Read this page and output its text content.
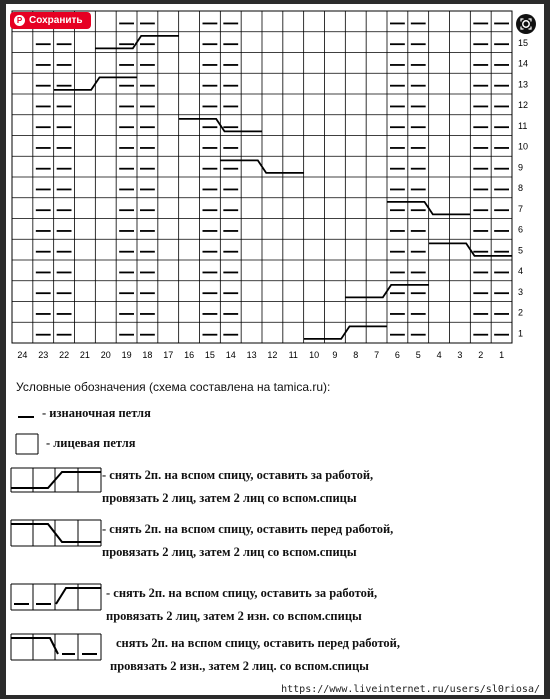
1
2
3
4
5
6
7
8
9
10
11
12
13
14
15
24 23 22 21 20 19 18 17 16 15 14 13 12 11 10 9 8 7 6 5 4 3 2 1
P Сохранить
Условные обозначения (схема составлена на tamica.ru):
- изнаночная петля
- лицевая петля
- снять 2п. на вспом спицу, оставить за работой,
провязать 2 лиц, затем 2 лиц со вспом.спицы
- снять 2п. на вспом спицу, оставить перед работой,
провязать 2 лиц, затем 2 лиц со вспом.спицы
- снять 2п. на вспом спицу, оставить за работой,
провязать 2 лиц, затем 2 изн. со вспом.спицы
снять 2п. на вспом спицу, оставить перед работой,
провязать 2 изн., затем 2 лиц. со вспом.спицы
https://www.liveinternet.ru/users/sl0riosa/
